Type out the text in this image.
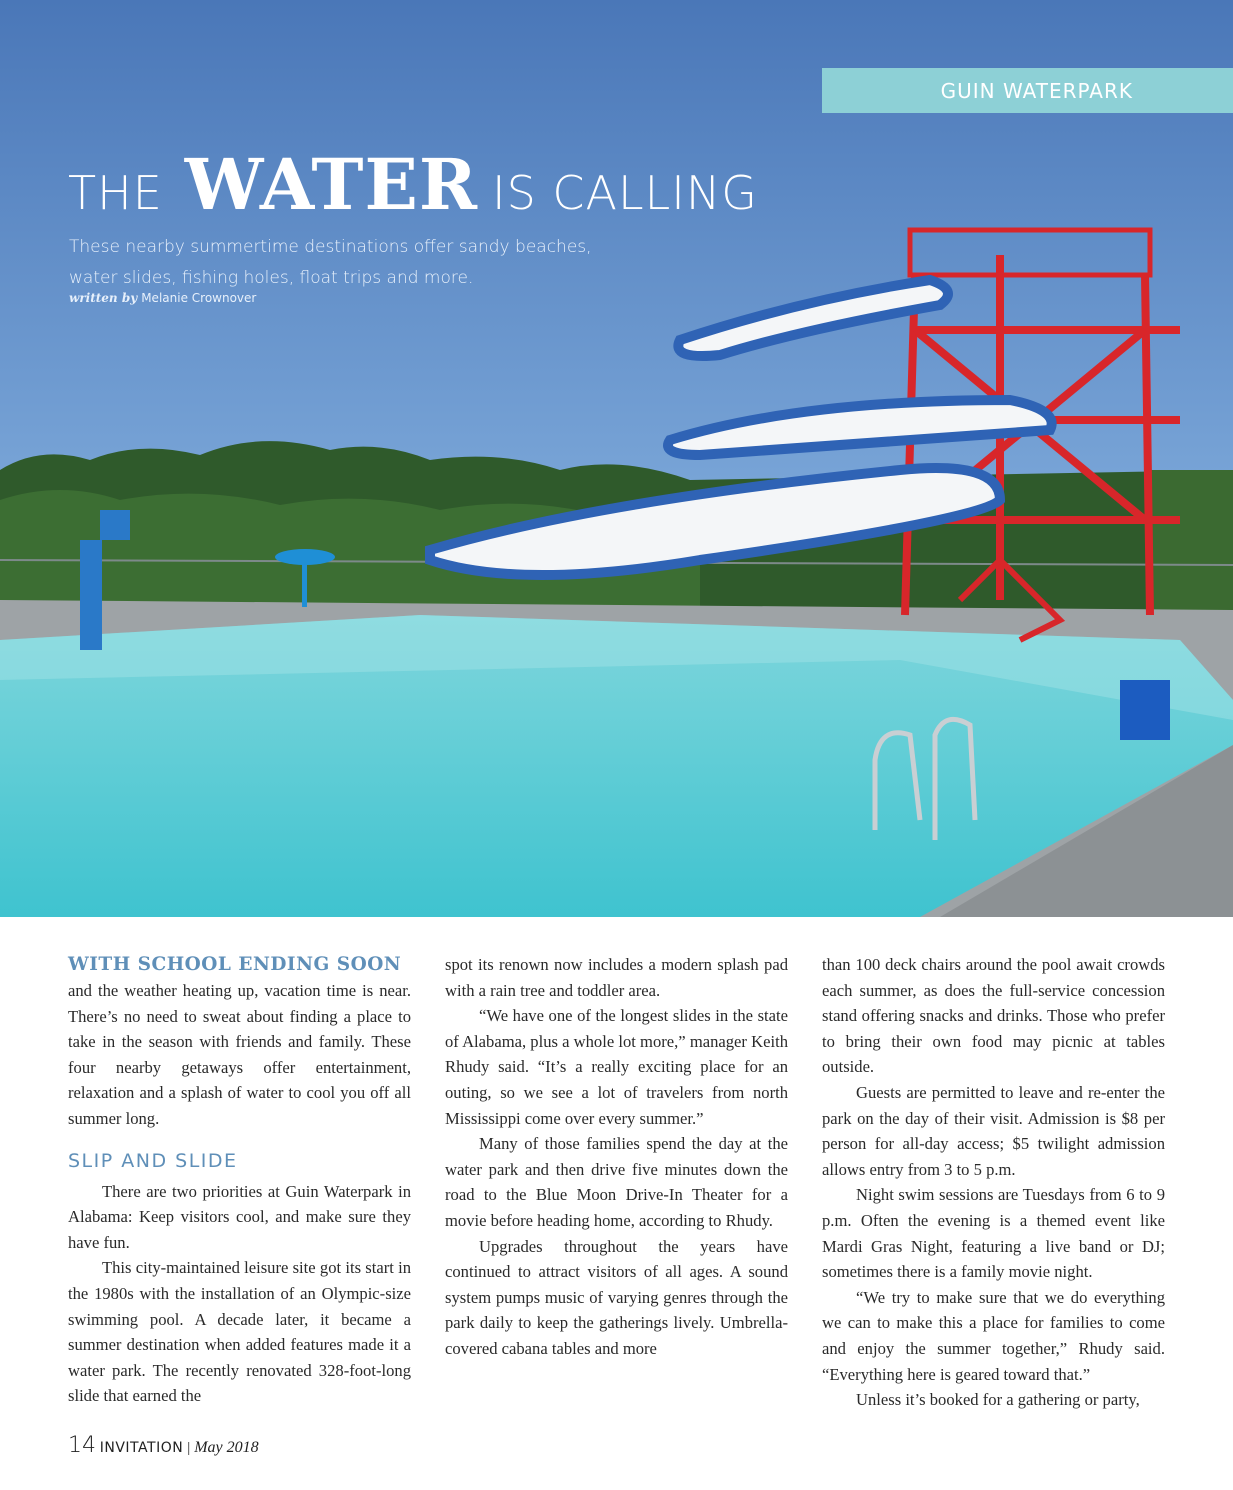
GUIN WATERPARK
THE WATER IS CALLING
These nearby summertime destinations offer sandy beaches, water slides, fishing holes, float trips and more.
written by Melanie Crownover
WITH SCHOOL ENDING SOON

and the weather heating up, vacation time is near. There’s no need to sweat about finding a place to take in the season with friends and family. These four nearby getaways offer entertainment, relaxation and a splash of water to cool you off all summer long.

SLIP AND SLIDE

There are two priorities at Guin Waterpark in Alabama: Keep visitors cool, and make sure they have fun.

This city-maintained leisure site got its start in the 1980s with the installation of an Olympic-size swimming pool. A decade later, it became a summer destination when added features made it a water park. The recently renovated 328-foot-long slide that earned the

spot its renown now includes a modern splash pad with a rain tree and toddler area.

“We have one of the longest slides in the state of Alabama, plus a whole lot more,” manager Keith Rhudy said. “It’s a really exciting place for an outing, so we see a lot of travelers from north Mississippi come over every summer.”

Many of those families spend the day at the water park and then drive five minutes down the road to the Blue Moon Drive-In Theater for a movie before heading home, according to Rhudy.

Upgrades throughout the years have continued to attract visitors of all ages. A sound system pumps music of varying genres through the park daily to keep the gatherings lively. Umbrella-covered cabana tables and more

than 100 deck chairs around the pool await crowds each summer, as does the full-service concession stand offering snacks and drinks. Those who prefer to bring their own food may picnic at tables outside.

Guests are permitted to leave and re-enter the park on the day of their visit. Admission is $8 per person for all-day access; $5 twilight admission allows entry from 3 to 5 p.m.

Night swim sessions are Tuesdays from 6 to 9 p.m. Often the evening is a themed event like Mardi Gras Night, featuring a live band or DJ; sometimes there is a family movie night.

“We try to make sure that we do everything we can to make this a place for families to come and enjoy the summer together,” Rhudy said. “Everything here is geared toward that.”

Unless it’s booked for a gathering or party,

14 INVITATION | May 2018
